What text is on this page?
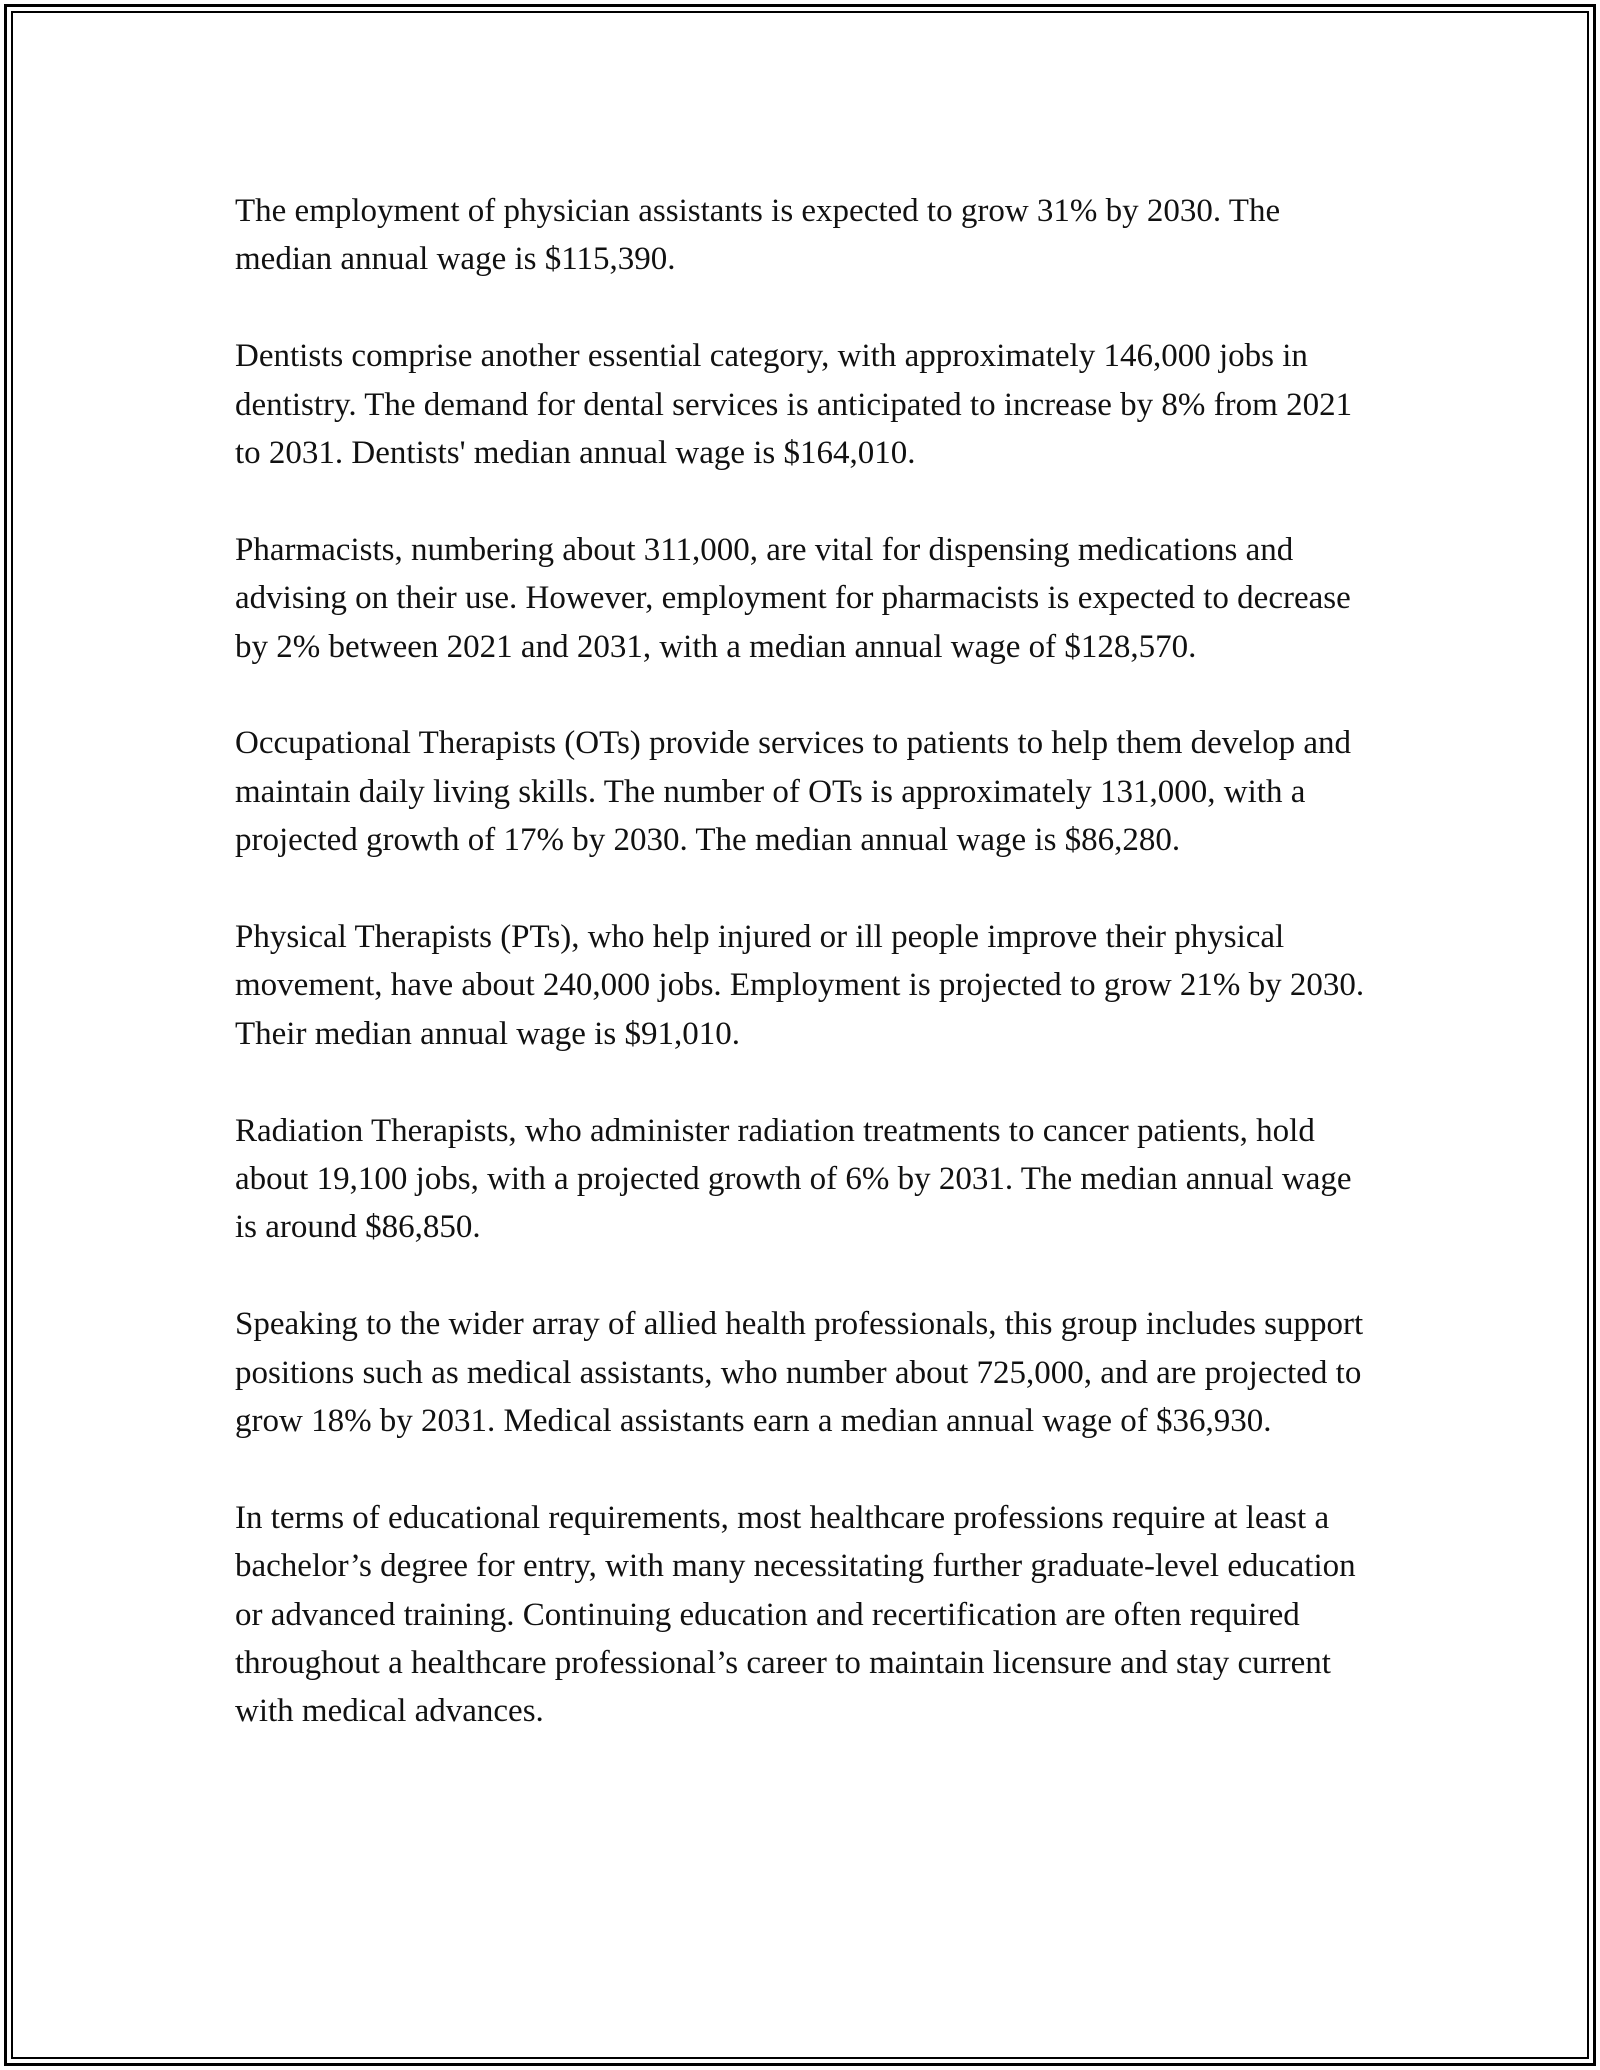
The employment of physician assistants is expected to grow 31% by 2030. The median annual wage is $115,390.

Dentists comprise another essential category, with approximately 146,000 jobs in dentistry. The demand for dental services is anticipated to increase by 8% from 2021 to 2031. Dentists' median annual wage is $164,010.

Pharmacists, numbering about 311,000, are vital for dispensing medications and advising on their use. However, employment for pharmacists is expected to decrease by 2% between 2021 and 2031, with a median annual wage of $128,570.

Occupational Therapists (OTs) provide services to patients to help them develop and maintain daily living skills. The number of OTs is approximately 131,000, with a projected growth of 17% by 2030. The median annual wage is $86,280.

Physical Therapists (PTs), who help injured or ill people improve their physical movement, have about 240,000 jobs. Employment is projected to grow 21% by 2030. Their median annual wage is $91,010.

Radiation Therapists, who administer radiation treatments to cancer patients, hold about 19,100 jobs, with a projected growth of 6% by 2031. The median annual wage is around $86,850.

Speaking to the wider array of allied health professionals, this group includes support positions such as medical assistants, who number about 725,000, and are projected to grow 18% by 2031. Medical assistants earn a median annual wage of $36,930.

In terms of educational requirements, most healthcare professions require at least a bachelor’s degree for entry, with many necessitating further graduate-level education or advanced training. Continuing education and recertification are often required throughout a healthcare professional’s career to maintain licensure and stay current with medical advances.
